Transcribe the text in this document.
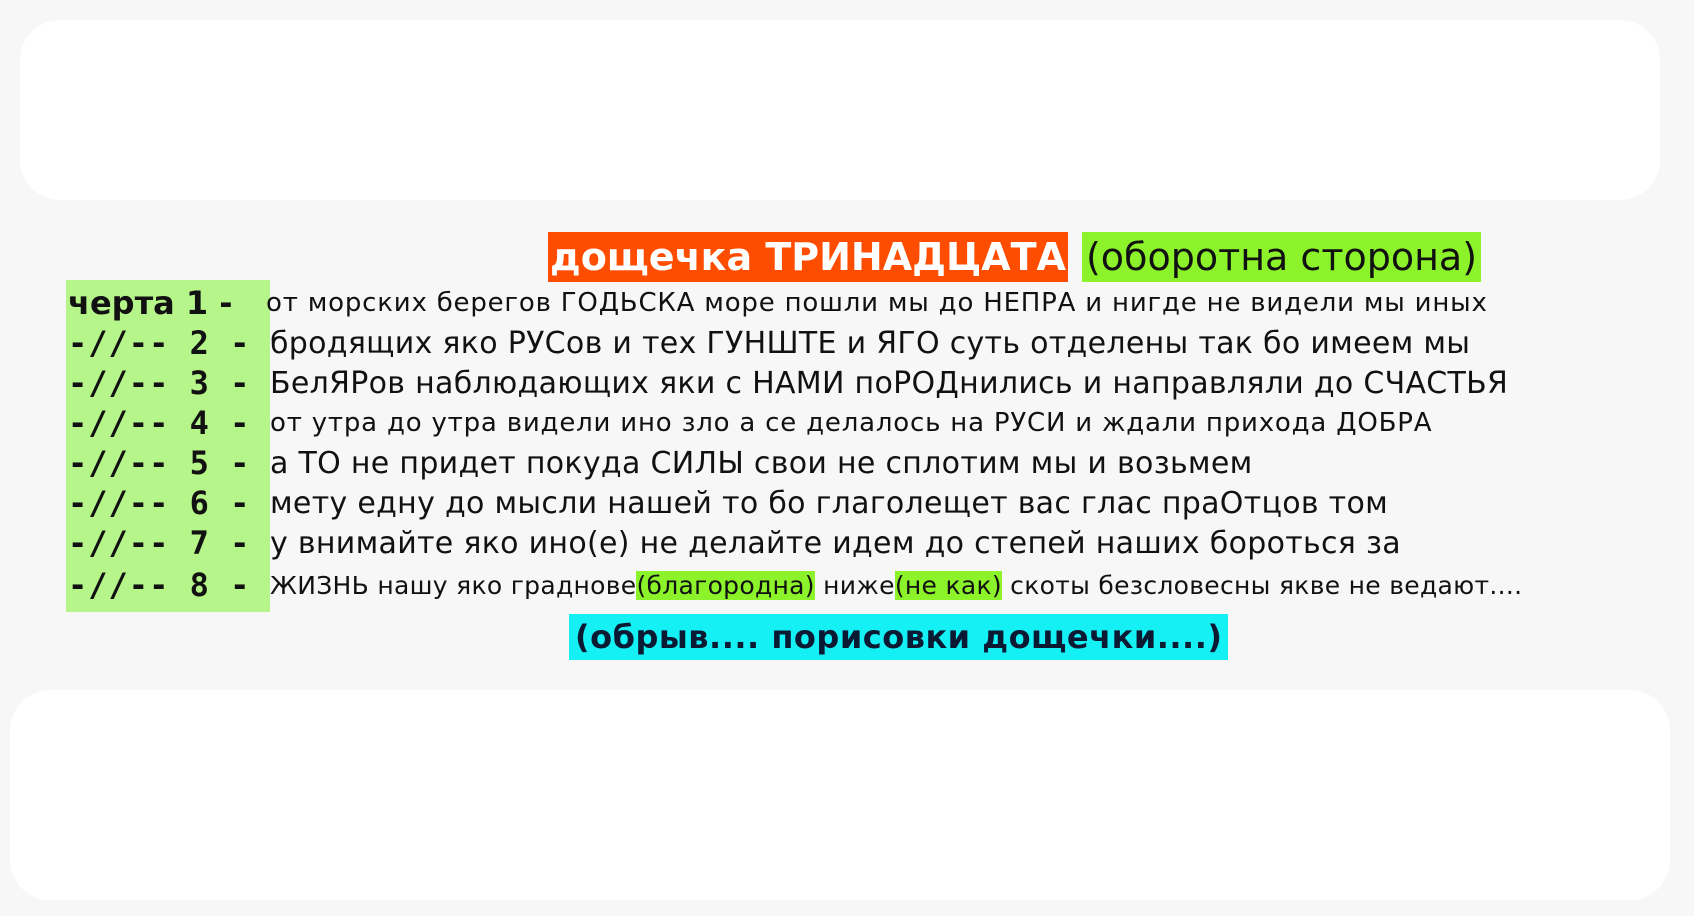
дощечка ТРИНАДЦАТА (оборотна сторона)
черта 1 -	от морских берегов ГОДЬСКА море пошли мы до НЕПРА и нигде не видели мы иных
-//-- 2 - бродящих яко РУСов и тех ГУНШТЕ и ЯГО суть отделены так бо имеем мы
-//-- 3 - БелЯРов наблюдающих яки с НАМИ поРОДнились и направляли до СЧАСТЬЯ
-//-- 4 - от утра до утра видели ино зло а се делалось на РУСИ и ждали прихода ДОБРА
-//-- 5 - а ТО не придет покуда СИЛЫ свои не сплотим мы и возьмем
-//-- 6 - мету едну до мысли нашей то бо глаголещет вас глас праОтцов том
-//-- 7 - у внимайте яко ино(е) не делайте идем до степей наших бороться за
-//-- 8 - ЖИЗНЬ нашу яко граднове(благородна) ниже(не как) скоты безсловесны якве не ведают....
(обрыв.... порисовки дощечки....)
